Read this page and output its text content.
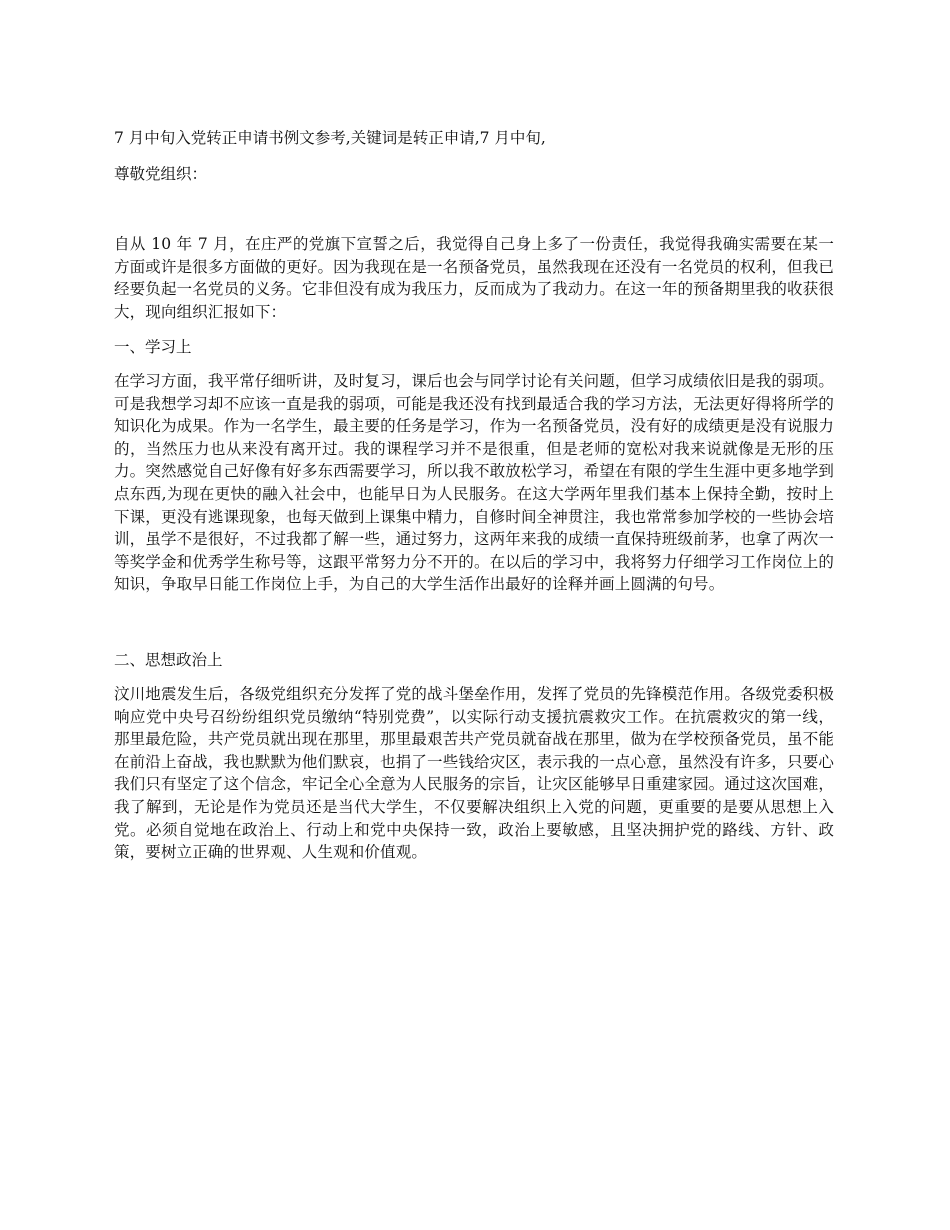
7 月中旬入党转正申请书例文参考,关键词是转正申请,7 月中旬,
尊敬党组织：
自从 10 年 7 月，在庄严的党旗下宣誓之后，我觉得自己身上多了一份责任，我觉得我确实需要在某一方面或许是很多方面做的更好。因为我现在是一名预备党员，虽然我现在还没有一名党员的权利，但我已经要负起一名党员的义务。它非但没有成为我压力，反而成为了我动力。在这一年的预备期里我的收获很大，现向组织汇报如下：
一、学习上
在学习方面，我平常仔细听讲，及时复习，课后也会与同学讨论有关问题，但学习成绩依旧是我的弱项。可是我想学习却不应该一直是我的弱项，可能是我还没有找到最适合我的学习方法，无法更好得将所学的知识化为成果。作为一名学生，最主要的任务是学习，作为一名预备党员，没有好的成绩更是没有说服力的，当然压力也从来没有离开过。我的课程学习并不是很重，但是老师的宽松对我来说就像是无形的压力。突然感觉自己好像有好多东西需要学习，所以我不敢放松学习，希望在有限的学生生涯中更多地学到点东西,为现在更快的融入社会中，也能早日为人民服务。在这大学两年里我们基本上保持全勤，按时上下课，更没有逃课现象，也每天做到上课集中精力，自修时间全神贯注，我也常常参加学校的一些协会培训，虽学不是很好，不过我都了解一些，通过努力，这两年来我的成绩一直保持班级前茅，也拿了两次一等奖学金和优秀学生称号等，这跟平常努力分不开的。在以后的学习中，我将努力仔细学习工作岗位上的知识，争取早日能工作岗位上手，为自己的大学生活作出最好的诠释并画上圆满的句号。
二、思想政治上
汶川地震发生后，各级党组织充分发挥了党的战斗堡垒作用，发挥了党员的先锋模范作用。各级党委积极响应党中央号召纷纷组织党员缴纳“特别党费”，以实际行动支援抗震救灾工作。在抗震救灾的第一线，那里最危险，共产党员就出现在那里，那里最艰苦共产党员就奋战在那里，做为在学校预备党员，虽不能在前沿上奋战，我也默默为他们默哀，也捐了一些钱给灾区，表示我的一点心意，虽然没有许多，只要心我们只有坚定了这个信念，牢记全心全意为人民服务的宗旨，让灾区能够早日重建家园。通过这次国难，我了解到，无论是作为党员还是当代大学生，不仅要解决组织上入党的问题，更重要的是要从思想上入党。必须自觉地在政治上、行动上和党中央保持一致，政治上要敏感，且坚决拥护党的路线、方针、政策，要树立正确的世界观、人生观和价值观。
